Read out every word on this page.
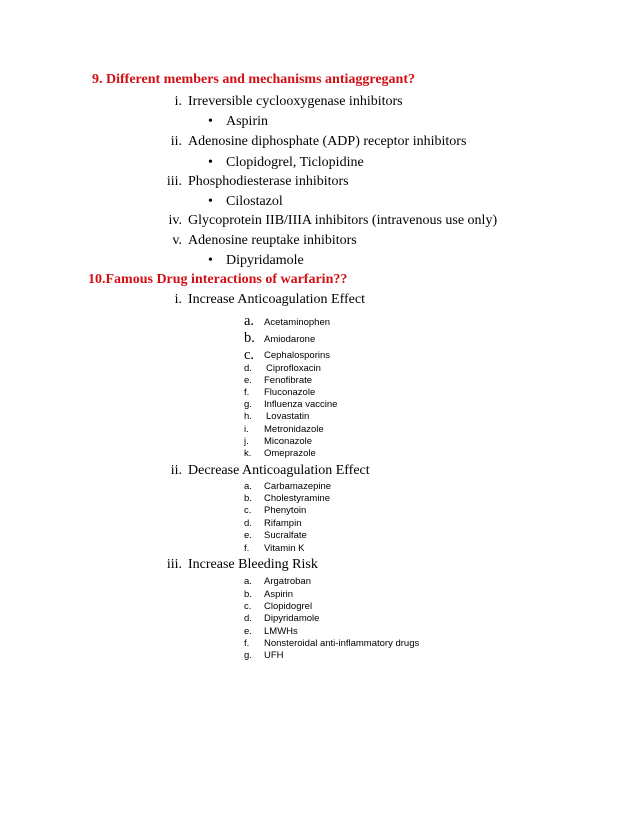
9. Different members and mechanisms antiaggregant?
i. Irreversible cyclooxygenase inhibitors
• Aspirin
ii. Adenosine diphosphate (ADP) receptor inhibitors
• Clopidogrel, Ticlopidine
iii. Phosphodiesterase inhibitors
• Cilostazol
iv. Glycoprotein IIB/IIIA inhibitors (intravenous use only)
v. Adenosine reuptake inhibitors
• Dipyridamole
10.Famous Drug interactions of warfarin??
i. Increase Anticoagulation Effect
a. Acetaminophen
b. Amiodarone
c. Cephalosporins
d. Ciprofloxacin
e. Fenofibrate
f. Fluconazole
g. Influenza vaccine
h. Lovastatin
i. Metronidazole
j. Miconazole
k. Omeprazole
ii. Decrease Anticoagulation Effect
a. Carbamazepine
b. Cholestyramine
c. Phenytoin
d. Rifampin
e. Sucralfate
f. Vitamin K
iii. Increase Bleeding Risk
a. Argatroban
b. Aspirin
c. Clopidogrel
d. Dipyridamole
e. LMWHs
f. Nonsteroidal anti-inflammatory drugs
g. UFH
